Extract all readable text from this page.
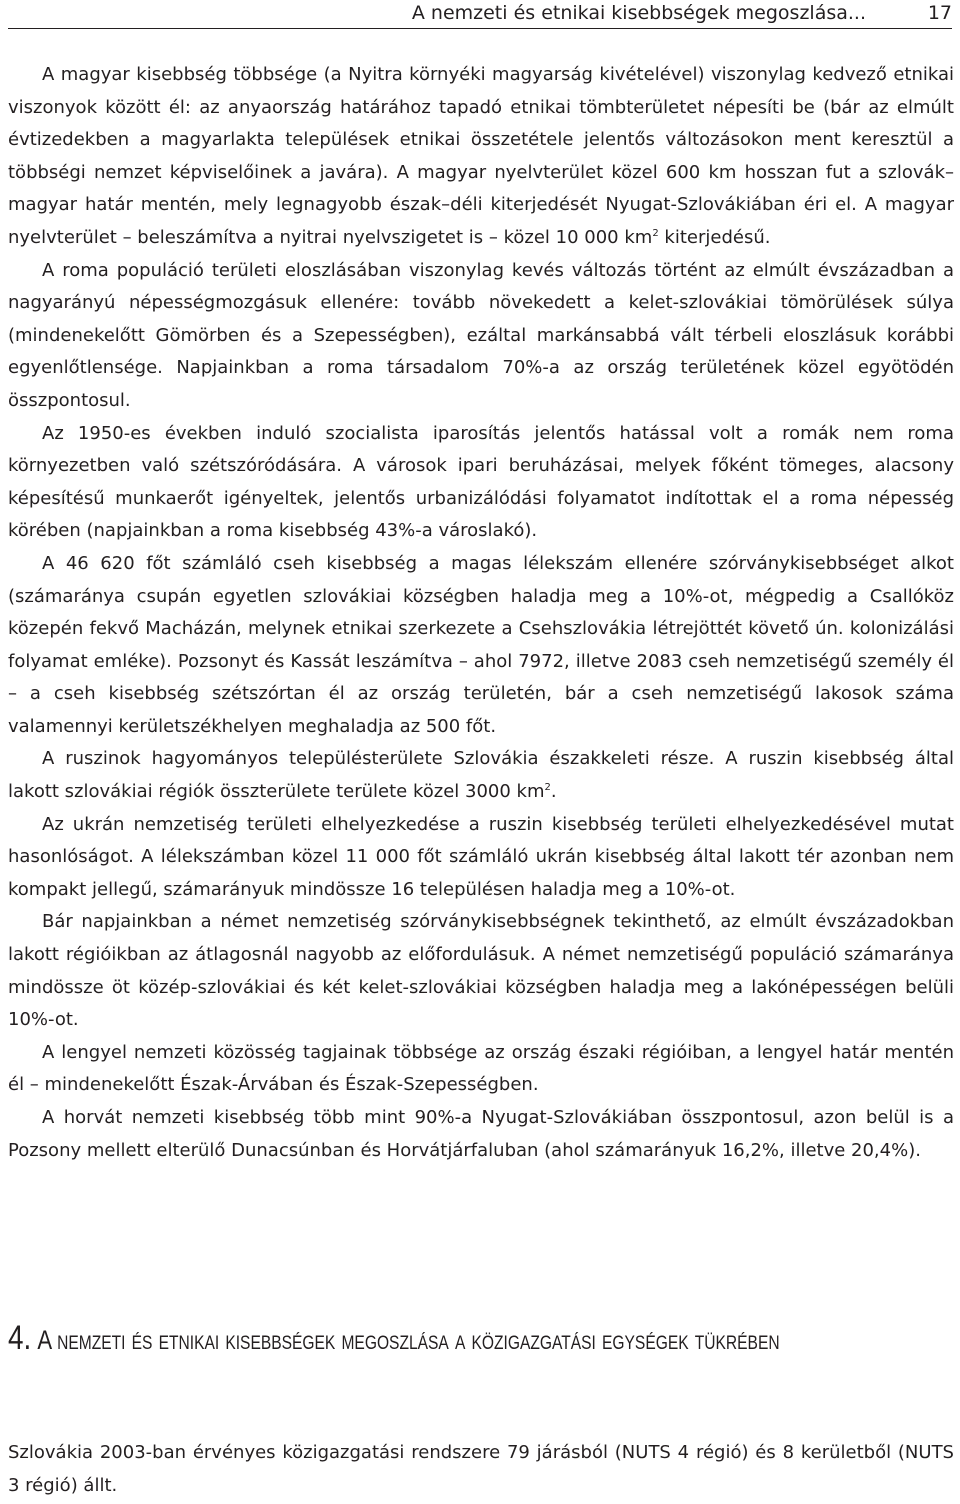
A nemzeti és etnikai kisebbségek megoszlása...	17

A magyar kisebbség többsége (a Nyitra környéki magyarság kivételével) viszonylag kedvező etnikai viszonyok között él: az anyaország határához tapadó etnikai tömbterületet népesíti be (bár az elmúlt évtizedekben a magyarlakta települések etnikai összetétele jelentős változásokon ment keresztül a többségi nemzet képviselőinek a javára). A magyar nyelvterület közel 600 km hosszan fut a szlovák–magyar határ mentén, mely legnagyobb észak–déli kiterjedését Nyugat-Szlovákiában éri el. A magyar nyelvterület – beleszámítva a nyitrai nyelvszigetet is – közel 10 000 $km^2$ kiterjedésű.

A roma populáció területi eloszlásában viszonylag kevés változás történt az elmúlt évszázadban a nagyarányú népességmozgásuk ellenére: tovább növekedett a kelet-szlovákiai tömörülések súlya (mindenekelőtt Gömörben és a Szepességben), ezáltal markánsabbá vált térbeli eloszlásuk korábbi egyenlőtlensége. Napjainkban a roma társadalom 70%-a az ország területének közel egyötödén összpontosul.

Az 1950-es években induló szocialista iparosítás jelentős hatással volt a romák nem roma környezetben való szétszóródására. A városok ipari beruházásai, melyek főként tömeges, alacsony képesítésű munkaerőt igényeltek, jelentős urbanizálódási folyamatot indítottak el a roma népesség körében (napjainkban a roma kisebbség 43%-a városlakó).

A 46 620 főt számláló cseh kisebbség a magas lélekszám ellenére szórványkisebbséget alkot (számaránya csupán egyetlen szlovákiai községben haladja meg a 10%-ot, mégpedig a Csallóköz közepén fekvő Macházán, melynek etnikai szerkezete a Csehszlovákia létrejöttét követő ún. kolonizálási folyamat emléke). Pozsonyt és Kassát leszámítva – ahol 7972, illetve 2083 cseh nemzetiségű személy él – a cseh kisebbség szétszórtan él az ország területén, bár a cseh nemzetiségű lakosok száma valamennyi kerületszékhelyen meghaladja az 500 főt.

A ruszinok hagyományos településterülete Szlovákia északkeleti része. A ruszin kisebbség által lakott szlovákiai régiók összterülete területe közel 3000 $km^2$.

Az ukrán nemzetiség területi elhelyezkedése a ruszin kisebbség területi elhelyezkedésével mutat hasonlóságot. A lélekszámban közel 11 000 főt számláló ukrán kisebbség által lakott tér azonban nem kompakt jellegű, számarányuk mindössze 16 településen haladja meg a 10%-ot.

Bár napjainkban a német nemzetiség szórványkisebbségnek tekinthető, az elmúlt évszázadokban lakott régióikban az átlagosnál nagyobb az előfordulásuk. A német nemzetiségű populáció számaránya mindössze öt közép-szlovákiai és két kelet-szlovákiai községben haladja meg a lakónépességen belüli 10%-ot.

A lengyel nemzeti közösség tagjainak többsége az ország északi régióiban, a lengyel határ mentén él – mindenekelőtt Észak-Árvában és Észak-Szepességben.

A horvát nemzeti kisebbség több mint 90%-a Nyugat-Szlovákiában összpontosul, azon belül is a Pozsony mellett elterülő Dunacsúnban és Horvátjárfaluban (ahol számarányuk 16,2%, illetve 20,4%).

4. A nemzeti és etnikai kisebbségek megoszlása a közigazgatási egységek tükrében

Szlovákia 2003-ban érvényes közigazgatási rendszere 79 járásból (NUTS 4 régió) és 8 kerületből (NUTS 3 régió) állt.
